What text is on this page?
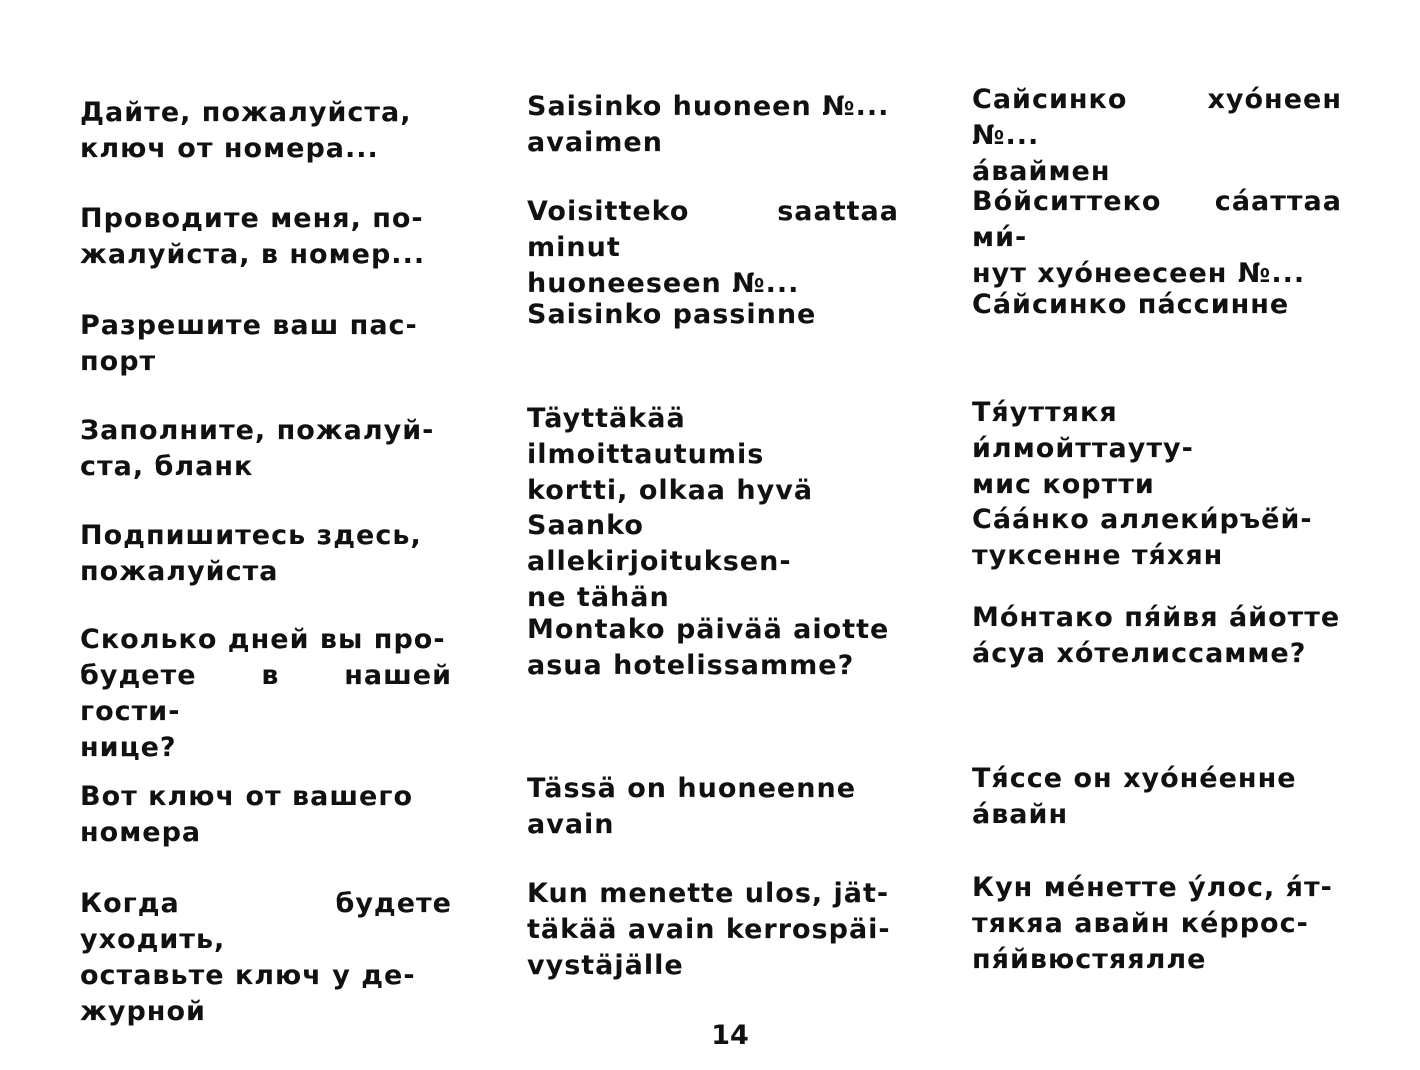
Дайте, пожалуйста,
ключ от номера...

Проводите меня, по-
жалуйста, в номер...

Разрешите ваш пас-
порт

Заполните, пожалуй-
ста, бланк

Подпишитесь здесь,
пожалуйста

Сколько дней вы про-
будете в нашей гости-
нице?

Вот ключ от вашего
номера

Когда будете уходить,
оставьте ключ у де-
журной

Saisinko huoneen №...
avaimen

Voisitteko saattaa minut
huoneeseen №...

Saisinko passinne

Täyttäkää ilmoittautumis
kortti, olkaa hyvä

Saanko allekirjoituksen-
ne tähän

Montako päivää aiotte
asua hotelissamme?

Tässä on huoneenne
avain

Kun menette ulos, jät-
täkää avain kerrospäi-
vystäjälle

Сайсинко хуо́неен №...
а́ваймен

Во́йситтеко са́аттаа ми́-
нут хуо́неесеен №...

Са́йсинко па́ссинне

Тя́уттякя и́лмойттауту-
мис кортти

Са́а́нко аллеки́ръё́й-
туксенне тя́хян

Мо́нтако пя́йвя а́йотте
а́суа хо́телиссамме?

Тя́ссе он хуо́не́енне
а́вайн

Кун ме́нетте у́лос, я́т-
тякяа авайн ке́ррос-
пя́йвюстяялле

14
